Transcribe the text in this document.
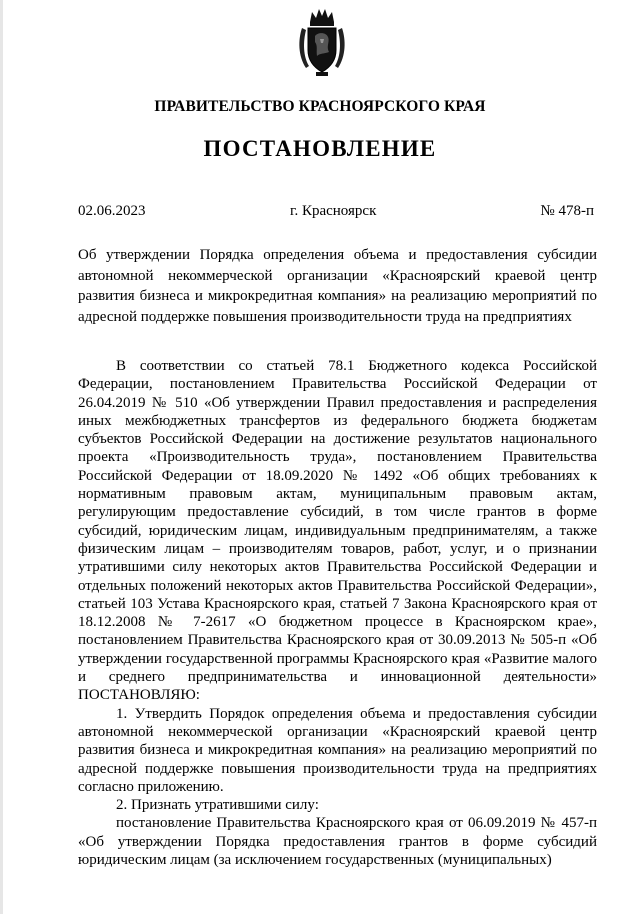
ПРАВИТЕЛЬСТВО КРАСНОЯРСКОГО КРАЯ
ПОСТАНОВЛЕНИЕ
02.06.2023	г. Красноярск	№ 478-п
Об утверждении Порядка определения объема и предоставления субсидии автономной некоммерческой организации «Красноярский краевой центр развития бизнеса и микрокредитная компания» на реализацию мероприятий по адресной поддержке повышения производительности труда на предприятиях

В соответствии со статьей 78.1 Бюджетного кодекса Российской Федерации, постановлением Правительства Российской Федерации от 26.04.2019 № 510 «Об утверждении Правил предоставления и распределения иных межбюджетных трансфертов из федерального бюджета бюджетам субъектов Российской Федерации на достижение результатов национального проекта «Производительность труда», постановлением Правительства Российской Федерации от 18.09.2020 № 1492 «Об общих требованиях к нормативным правовым актам, муниципальным правовым актам, регулирующим предоставление субсидий, в том числе грантов в форме субсидий, юридическим лицам, индивидуальным предпринимателям, а также физическим лицам – производителям товаров, работ, услуг, и о признании утратившими силу некоторых актов Правительства Российской Федерации и отдельных положений некоторых актов Правительства Российской Федерации», статьей 103 Устава Красноярского края, статьей 7 Закона Красноярского края от 18.12.2008 № 7-2617 «О бюджетном процессе в Красноярском крае», постановлением Правительства Красноярского края от 30.09.2013 № 505-п «Об утверждении государственной программы Красноярского края «Развитие малого и среднего предпринимательства и инновационной деятельности» ПОСТАНОВЛЯЮ:

1. Утвердить Порядок определения объема и предоставления субсидии автономной некоммерческой организации «Красноярский краевой центр развития бизнеса и микрокредитная компания» на реализацию мероприятий по адресной поддержке повышения производительности труда на предприятиях согласно приложению.

2. Признать утратившими силу:

постановление Правительства Красноярского края от 06.09.2019 № 457-п «Об утверждении Порядка предоставления грантов в форме субсидий юридическим лицам (за исключением государственных (муниципальных)
